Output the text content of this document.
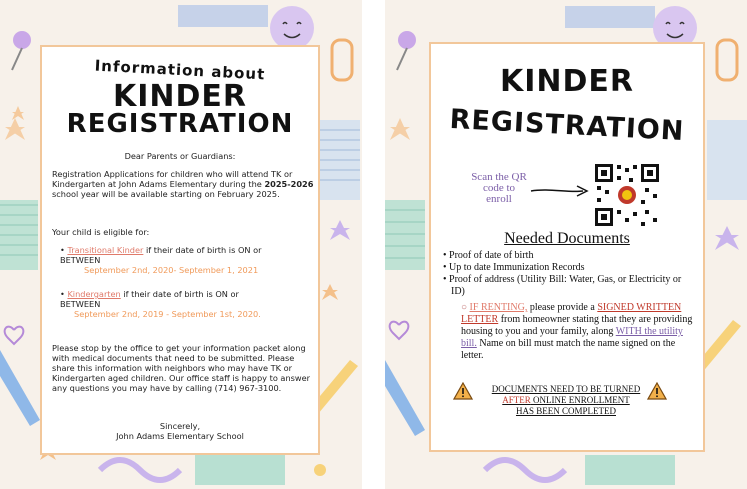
Information about
KINDER
REGISTRATION
Dear Parents or Guardians:
Registration Applications for children who will attend TK or Kindergarten at John Adams Elementary during the 2025-2026 school year will be available starting on February 2025.
Your child is eligible for:
• Transitional Kinder if their date of birth is ON or
BETWEEN
September 2nd, 2020- September 1, 2021
• Kindergarten if their date of birth is ON or
BETWEEN
September 2nd, 2019 - September 1st, 2020.
Please stop by the office to get your information packet along with medical documents that need to be submitted. Please share this information with neighbors who may have TK or Kindergarten aged children. Our office staff is happy to answer any questions you may have by calling (714) 967-3100.
Sincerely,
John Adams Elementary School
KINDER
REGISTRATION
Scan the QR code to enroll
Needed Documents
• Proof of date of birth
• Up to date Immunization Records
• Proof of address (Utility Bill: Water, Gas, or Electricity or ID)
○ IF RENTING, please provide a SIGNED WRITTEN LETTER from homeowner stating that they are providing housing to you and your family, along WITH the utility bill. Name on bill must match the name signed on the letter.
DOCUMENTS NEED TO BE TURNED
AFTER ONLINE ENROLLMENT
HAS BEEN COMPLETED
